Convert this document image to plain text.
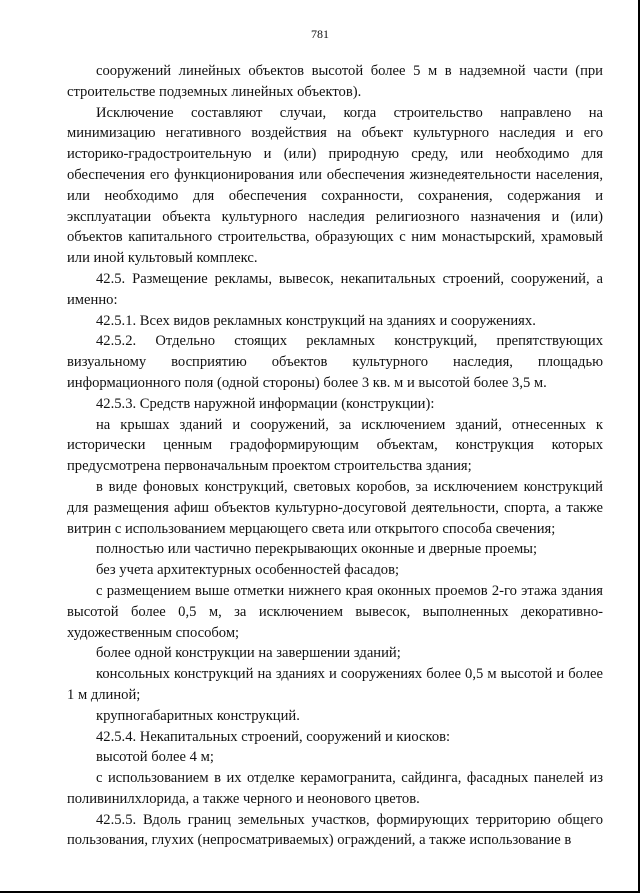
781

сооружений линейных объектов высотой более 5 м в надземной части (при строительстве подземных линейных объектов).

Исключение составляют случаи, когда строительство направлено на минимизацию негативного воздействия на объект культурного наследия и его историко-градостроительную и (или) природную среду, или необходимо для обеспечения его функционирования или обеспечения жизнедеятельности населения, или необходимо для обеспечения сохранности, сохранения, содержания и эксплуатации объекта культурного наследия религиозного назначения и (или) объектов капитального строительства, образующих с ним монастырский, храмовый или иной культовый комплекс.

42.5. Размещение рекламы, вывесок, некапитальных строений, сооружений, а именно:

42.5.1. Всех видов рекламных конструкций на зданиях и сооружениях.

42.5.2. Отдельно стоящих рекламных конструкций, препятствующих визуальному восприятию объектов культурного наследия, площадью информационного поля (одной стороны) более 3 кв. м и высотой более 3,5 м.

42.5.3. Средств наружной информации (конструкции):

на крышах зданий и сооружений, за исключением зданий, отнесенных к исторически ценным градоформирующим объектам, конструкция которых предусмотрена первоначальным проектом строительства здания;

в виде фоновых конструкций, световых коробов, за исключением конструкций для размещения афиш объектов культурно-досуговой деятельности, спорта, а также витрин с использованием мерцающего света или открытого способа свечения;

полностью или частично перекрывающих оконные и дверные проемы;

без учета архитектурных особенностей фасадов;

с размещением выше отметки нижнего края оконных проемов 2-го этажа здания высотой более 0,5 м, за исключением вывесок, выполненных декоративно-художественным способом;

более одной конструкции на завершении зданий;

консольных конструкций на зданиях и сооружениях более 0,5 м высотой и более 1 м длиной;

крупногабаритных конструкций.

42.5.4. Некапитальных строений, сооружений и киосков:

высотой более 4 м;

с использованием в их отделке керамогранита, сайдинга, фасадных панелей из поливинилхлорида, а также черного и неонового цветов.

42.5.5. Вдоль границ земельных участков, формирующих территорию общего пользования, глухих (непросматриваемых) ограждений, а также использование в
